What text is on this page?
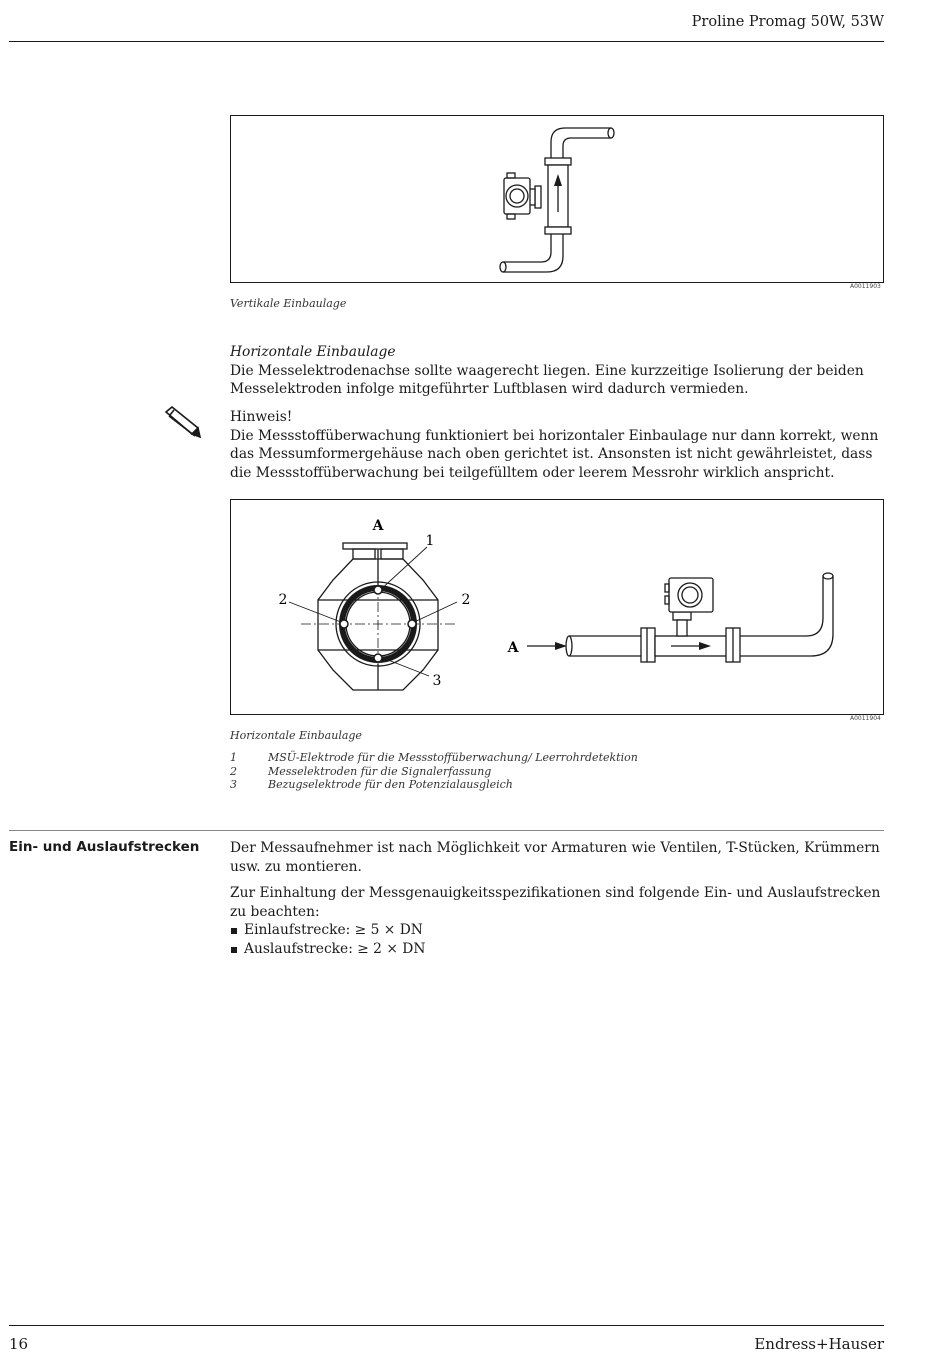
Proline Promag 50W, 53W
A0011903
Vertikale Einbaulage
Horizontale Einbaulage
Die Messelektrodenachse sollte waagerecht liegen. Eine kurzzeitige Isolierung der beiden Messelektroden infolge mitgeführter Luftblasen wird dadurch vermieden.
Hinweis!
Die Messstoffüberwachung funktioniert bei horizontaler Einbaulage nur dann korrekt, wenn das Messumformergehäuse nach oben gerichtet ist. Ansonsten ist nicht gewährleistet, dass die Messstoffüberwachung bei teilgefülltem oder leerem Messrohr wirklich anspricht.
A
1
2	2
3
A
A0011904
Horizontale Einbaulage
1	MSÜ-Elektrode für die Messstoffüberwachung/ Leerrohrdetektion
2	Messelektroden für die Signalerfassung
3	Bezugselektrode für den Potenzialausgleich
Ein- und Auslaufstrecken Der Messaufnehmer ist nach Möglichkeit vor Armaturen wie Ventilen, T-Stücken, Krümmern usw. zu montieren.
Zur Einhaltung der Messgenauigkeitsspezifikationen sind folgende Ein- und Auslaufstrecken zu beachten:
Einlaufstrecke: ≥ 5 × DN
Auslaufstrecke: ≥ 2 × DN
16	Endress+Hauser
